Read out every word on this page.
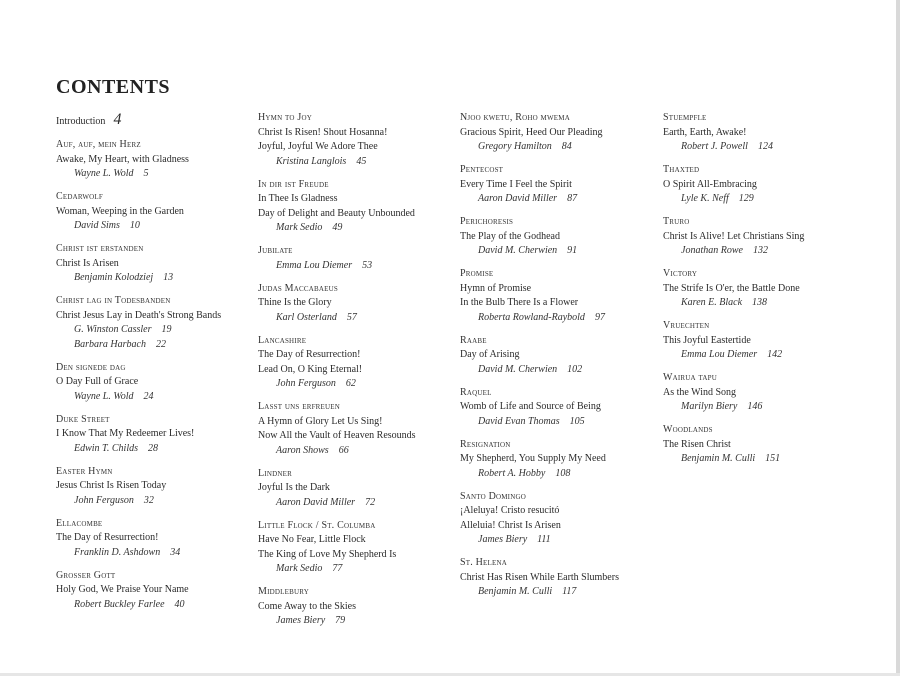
CONTENTS
Introduction 4
Auf, auf, mein Herz
Awake, My Heart, with Gladness
Wayne L. Wold 5
Cedarwolf
Woman, Weeping in the Garden
David Sims 10
Christ ist erstanden
Christ Is Arisen
Benjamin Kolodziej 13
Christ lag in Todesbanden
Christ Jesus Lay in Death's Strong Bands
G. Winston Cassler 19
Barbara Harbach 22
Den signede dag
O Day Full of Grace
Wayne L. Wold 24
Duke Street
I Know That My Redeemer Lives!
Edwin T. Childs 28
Easter Hymn
Jesus Christ Is Risen Today
John Ferguson 32
Ellacombe
The Day of Resurrection!
Franklin D. Ashdown 34
Grosser Gott
Holy God, We Praise Your Name
Robert Buckley Farlee 40
Hymn to Joy
Christ Is Risen! Shout Hosanna!
Joyful, Joyful We Adore Thee
Kristina Langlois 45
In dir ist Freude
In Thee Is Gladness
Day of Delight and Beauty Unbounded
Mark Sedio 49
Jubilate
Emma Lou Diemer 53
Judas Maccabaeus
Thine Is the Glory
Karl Osterland 57
Lancashire
The Day of Resurrection!
Lead On, O King Eternal!
John Ferguson 62
Lasst uns erfreuen
A Hymn of Glory Let Us Sing!
Now All the Vault of Heaven Resounds
Aaron Shows 66
Lindner
Joyful Is the Dark
Aaron David Miller 72
Little Flock / St. Columba
Have No Fear, Little Flock
The King of Love My Shepherd Is
Mark Sedio 77
Middlebury
Come Away to the Skies
James Biery 79
Njoo kwetu, Roho mwema
Gracious Spirit, Heed Our Pleading
Gregory Hamilton 84
Pentecost
Every Time I Feel the Spirit
Aaron David Miller 87
Perichoresis
The Play of the Godhead
David M. Cherwien 91
Promise
Hymn of Promise
In the Bulb There Is a Flower
Roberta Rowland-Raybold 97
Raabe
Day of Arising
David M. Cherwien 102
Raquel
Womb of Life and Source of Being
David Evan Thomas 105
Resignation
My Shepherd, You Supply My Need
Robert A. Hobby 108
Santo Domingo
¡Aleluya! Cristo resucitó
Alleluia! Christ Is Arisen
James Biery 111
St. Helena
Christ Has Risen While Earth Slumbers
Benjamin M. Culli 117
Stuempfle
Earth, Earth, Awake!
Robert J. Powell 124
Thaxted
O Spirit All-Embracing
Lyle K. Neff 129
Truro
Christ Is Alive! Let Christians Sing
Jonathan Rowe 132
Victory
The Strife Is O'er, the Battle Done
Karen E. Black 138
Vruechten
This Joyful Eastertide
Emma Lou Diemer 142
Wairua tapu
As the Wind Song
Marilyn Biery 146
Woodlands
The Risen Christ
Benjamin M. Culli 151
